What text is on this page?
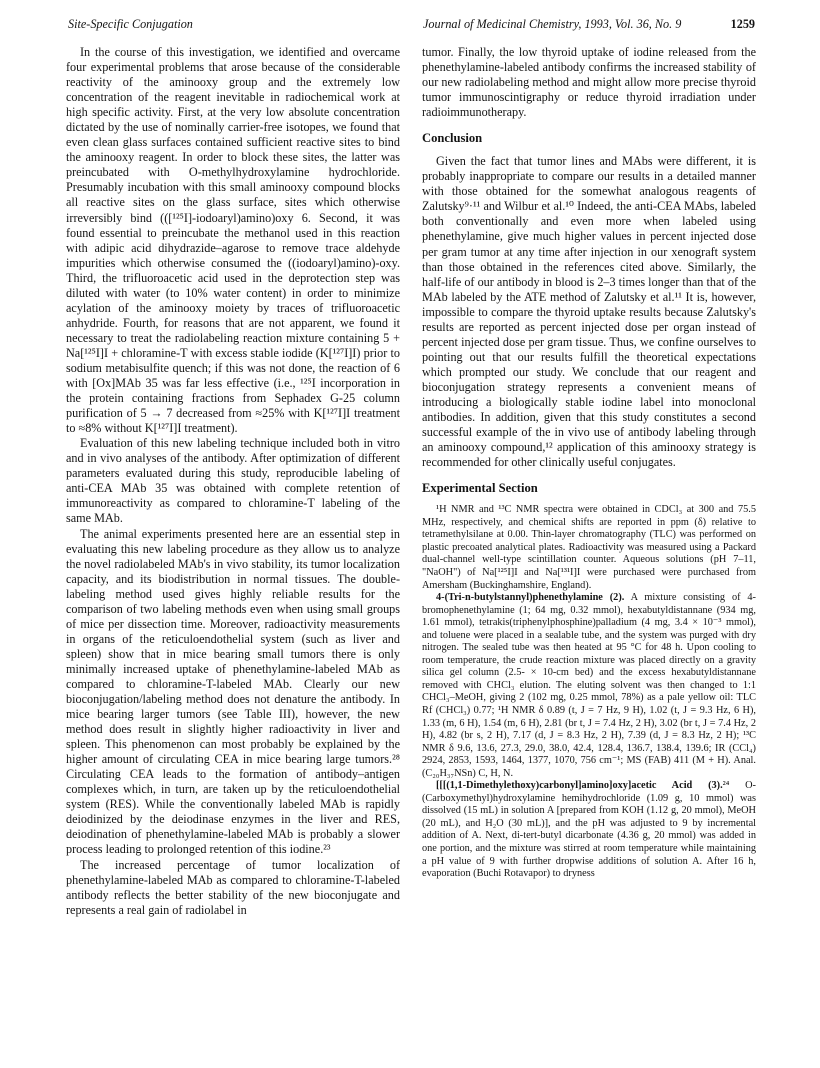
Site-Specific Conjugation	Journal of Medicinal Chemistry, 1993, Vol. 36, No. 9	1259

In the course of this investigation, we identified and overcame four experimental problems that arose because of the considerable reactivity of the aminooxy group and the extremely low concentration of the reagent inevitable in radiochemical work at high specific activity. First, at the very low absolute concentration dictated by the use of nominally carrier-free isotopes, we found that even clean glass surfaces contained sufficient reactive sites to bind the aminooxy reagent. In order to block these sites, the latter was preincubated with O-methylhydroxylamine hydrochloride. Presumably incubation with this small aminooxy compound blocks all reactive sites on the glass surface, sites which otherwise irreversibly bind (([¹²⁵I]-iodoaryl)amino)oxy 6. Second, it was found essential to preincubate the methanol used in this reaction with adipic acid dihydrazide–agarose to remove trace aldehyde impurities which otherwise consumed the ((iodoaryl)amino)-oxy. Third, the trifluoroacetic acid used in the deprotection step was diluted with water (to 10% water content) in order to minimize acylation of the aminooxy moiety by traces of trifluoroacetic anhydride. Fourth, for reasons that are not apparent, we found it necessary to treat the radiolabeling reaction mixture containing 5 + Na[¹²⁵I]I + chloramine-T with excess stable iodide (K[¹²⁷I]I) prior to sodium metabisulfite quench; if this was not done, the reaction of 6 with [Ox]MAb 35 was far less effective (i.e., ¹²⁵I incorporation in the protein containing fractions from Sephadex G-25 column purification of 5 → 7 decreased from ≈25% with K[¹²⁷I]I treatment to ≈8% without K[¹²⁷I]I treatment).

Evaluation of this new labeling technique included both in vitro and in vivo analyses of the antibody. After optimization of different parameters evaluated during this study, reproducible labeling of anti-CEA MAb 35 was obtained with complete retention of immunoreactivity as compared to chloramine-T labeling of the same MAb.

The animal experiments presented here are an essential step in evaluating this new labeling procedure as they allow us to analyze the novel radiolabeled MAb's in vivo stability, its tumor localization capacity, and its biodistribution in normal tissues. The double-labeling method used gives highly reliable results for the comparison of two labeling methods even when using small groups of mice per dissection time. Moreover, radioactivity measurements in organs of the reticuloendothelial system (such as liver and spleen) show that in mice bearing small tumors there is only minimally increased uptake of phenethylamine-labeled MAb as compared to chloramine-T-labeled MAb. Clearly our new bioconjugation/labeling method does not denature the antibody. In mice bearing larger tumors (see Table III), however, the new method does result in slightly higher radioactivity in liver and spleen. This phenomenon can most probably be explained by the higher amount of circulating CEA in mice bearing large tumors.²⁸ Circulating CEA leads to the formation of antibody–antigen complexes which, in turn, are taken up by the reticuloendothelial system (RES). While the conventionally labeled MAb is rapidly deiodinized by the deiodinase enzymes in the liver and RES, deiodination of phenethylamine-labeled MAb is probably a slower process leading to prolonged retention of this iodine.²³

The increased percentage of tumor localization of phenethylamine-labeled MAb as compared to chloramine-T-labeled antibody reflects the better stability of the new bioconjugate and represents a real gain of radiolabel in

tumor. Finally, the low thyroid uptake of iodine released from the phenethylamine-labeled antibody confirms the increased stability of our new radiolabeling method and might allow more precise thyroid tumor immunoscintigraphy or reduce thyroid irradiation under radioimmunotherapy.

Conclusion

Given the fact that tumor lines and MAbs were different, it is probably inappropriate to compare our results in a detailed manner with those obtained for the somewhat analogous reagents of Zalutsky⁹·¹¹ and Wilbur et al.¹⁰ Indeed, the anti-CEA MAbs, labeled both conventionally and even more when labeled using phenethylamine, give much higher values in percent injected dose per gram tumor at any time after injection in our xenograft system than those obtained in the references cited above. Similarly, the half-life of our antibody in blood is 2–3 times longer than that of the MAb labeled by the ATE method of Zalutsky et al.¹¹ It is, however, impossible to compare the thyroid uptake results because Zalutsky's results are reported as percent injected dose per organ instead of percent injected dose per gram tissue. Thus, we confine ourselves to pointing out that our results fulfill the theoretical expectations which prompted our study. We conclude that our reagent and bioconjugation strategy represents a convenient means of introducing a biologically stable iodine label into monoclonal antibodies. In addition, given that this study constitutes a second successful example of the in vivo use of antibody labeling through an aminooxy compound,¹² application of this aminooxy strategy is recommended for other clinically useful conjugates.

Experimental Section

¹H NMR and ¹³C NMR spectra were obtained in CDCl₃ at 300 and 75.5 MHz, respectively, and chemical shifts are reported in ppm (δ) relative to tetramethylsilane at 0.00. Thin-layer chromatography (TLC) was performed on plastic precoated analytical plates. Radioactivity was measured using a Packard dual-channel well-type scintillation counter. Aqueous solutions (pH 7–11, "NaOH") of Na[¹²⁵I]I and Na[¹³¹I]I were purchased were purchased from Amersham (Buckinghamshire, England).

4-(Tri-n-butylstannyl)phenethylamine (2). A mixture consisting of 4-bromophenethylamine (1; 64 mg, 0.32 mmol), hexabutyldistannane (934 mg, 1.61 mmol), tetrakis(triphenylphosphine)palladium (4 mg, 3.4 × 10⁻³ mmol), and toluene were placed in a sealable tube, and the system was purged with dry nitrogen. The sealed tube was then heated at 95 °C for 48 h. Upon cooling to room temperature, the crude reaction mixture was placed directly on a gravity silica gel column (2.5- × 10-cm bed) and the excess hexabutyldistannane removed with CHCl₃ elution. The eluting solvent was then changed to 1:1 CHCl₃–MeOH, giving 2 (102 mg, 0.25 mmol, 78%) as a pale yellow oil: TLC Rf (CHCl₃) 0.77; ¹H NMR δ 0.89 (t, J = 7 Hz, 9 H), 1.02 (t, J = 9.3 Hz, 6 H), 1.33 (m, 6 H), 1.54 (m, 6 H), 2.81 (br t, J = 7.4 Hz, 2 H), 3.02 (br t, J = 7.4 Hz, 2 H), 4.82 (br s, 2 H), 7.17 (d, J = 8.3 Hz, 2 H), 7.39 (d, J = 8.3 Hz, 2 H); ¹³C NMR δ 9.6, 13.6, 27.3, 29.0, 38.0, 42.4, 128.4, 136.7, 138.4, 139.6; IR (CCl₄) 2924, 2853, 1593, 1464, 1377, 1070, 756 cm⁻¹; MS (FAB) 411 (M + H). Anal. (C₂₀H₃₇NSn) C, H, N.

[[[(1,1-Dimethylethoxy)carbonyl]amino]oxy]acetic Acid (3).²⁴ O-(Carboxymethyl)hydroxylamine hemihydrochloride (1.09 g, 10 mmol) was dissolved (15 mL) in solution A [prepared from KOH (1.12 g, 20 mmol), MeOH (20 mL), and H₂O (30 mL)], and the pH was adjusted to 9 by incremental addition of A. Next, di-tert-butyl dicarbonate (4.36 g, 20 mmol) was added in one portion, and the mixture was stirred at room temperature while maintaining a pH value of 9 with further dropwise additions of solution A. After 16 h, evaporation (Buchi Rotavapor) to dryness
